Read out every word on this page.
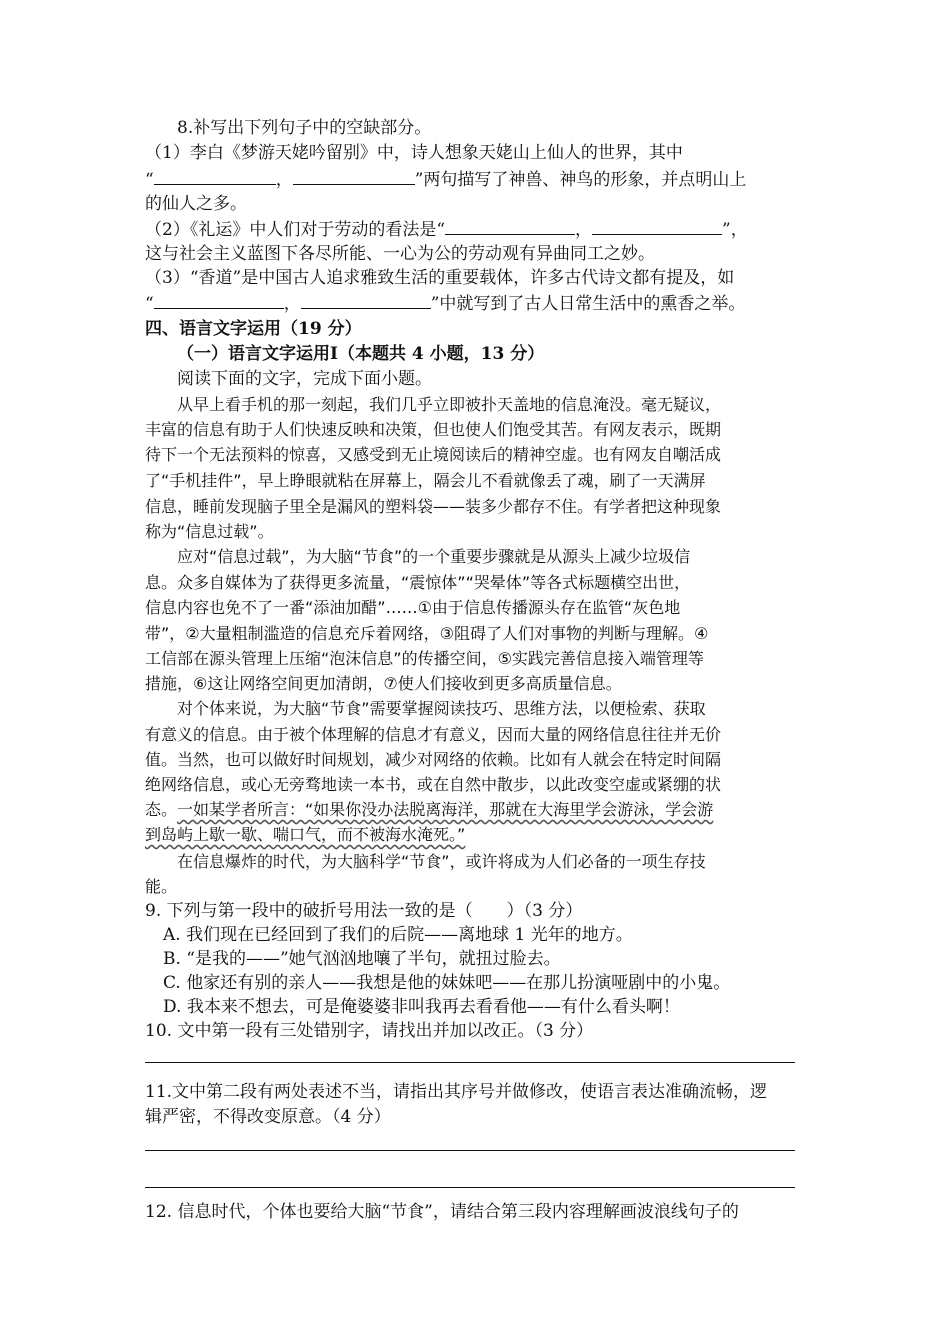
8.补写出下列句子中的空缺部分。
（1）李白《梦游天姥吟留别》中，诗人想象天姥山上仙人的世界，其中
“	，	”两句描写了神兽、神鸟的形象，并点明山上
的仙人之多。
（2）《礼运》中人们对于劳动的看法是“	，	”，
这与社会主义蓝图下各尽所能、一心为公的劳动观有异曲同工之妙。
（3）“香道”是中国古人追求雅致生活的重要载体，许多古代诗文都有提及，如
“	，	”中就写到了古人日常生活中的熏香之举。
四、语言文字运用（19 分）
（一）语言文字运用Ⅰ（本题共 4 小题，13 分）
阅读下面的文字，完成下面小题。
从早上看手机的那一刻起，我们几乎立即被扑天盖地的信息淹没。毫无疑议，
丰富的信息有助于人们快速反映和决策，但也使人们饱受其苦。有网友表示，既期
待下一个无法预料的惊喜，又感受到无止境阅读后的精神空虚。也有网友自嘲活成
了“手机挂件”，早上睁眼就粘在屏幕上，隔会儿不看就像丢了魂，刷了一天满屏
信息，睡前发现脑子里全是漏风的塑料袋——装多少都存不住。有学者把这种现象
称为“信息过载”。
应对“信息过载”，为大脑“节食”的一个重要步骤就是从源头上减少垃圾信
息。众多自媒体为了获得更多流量，“震惊体”“哭晕体”等各式标题横空出世，
信息内容也免不了一番“添油加醋”……①由于信息传播源头存在监管“灰色地
带”，②大量粗制滥造的信息充斥着网络，③阻碍了人们对事物的判断与理解。④
工信部在源头管理上压缩“泡沫信息”的传播空间，⑤实践完善信息接入端管理等
措施，⑥这让网络空间更加清朗，⑦使人们接收到更多高质量信息。
对个体来说，为大脑“节食”需要掌握阅读技巧、思维方法，以便检索、获取
有意义的信息。由于被个体理解的信息才有意义，因而大量的网络信息往往并无价
值。当然，也可以做好时间规划，减少对网络的依赖。比如有人就会在特定时间隔
绝网络信息，或心无旁骛地读一本书，或在自然中散步，以此改变空虚或紧绷的状
态。一如某学者所言：“如果你没办法脱离海洋，那就在大海里学会游泳，学会游
到岛屿上歇一歇、喘口气，而不被海水淹死。”
在信息爆炸的时代，为大脑科学“节食”，或许将成为人们必备的一项生存技
能。
9. 下列与第一段中的破折号用法一致的是（　　）（3 分）
A. 我们现在已经回到了我们的后院——离地球 1 光年的地方。
B. “是我的——”她气汹汹地嚷了半句，就扭过脸去。
C. 他家还有别的亲人——我想是他的妹妹吧——在那儿扮演哑剧中的小鬼。
D. 我本来不想去，可是俺婆婆非叫我再去看看他——有什么看头啊！
10. 文中第一段有三处错别字，请找出并加以改正。（3 分）
11.文中第二段有两处表述不当，请指出其序号并做修改，使语言表达准确流畅，逻
辑严密，不得改变原意。（4 分）
12. 信息时代，个体也要给大脑“节食”，请结合第三段内容理解画波浪线句子的
